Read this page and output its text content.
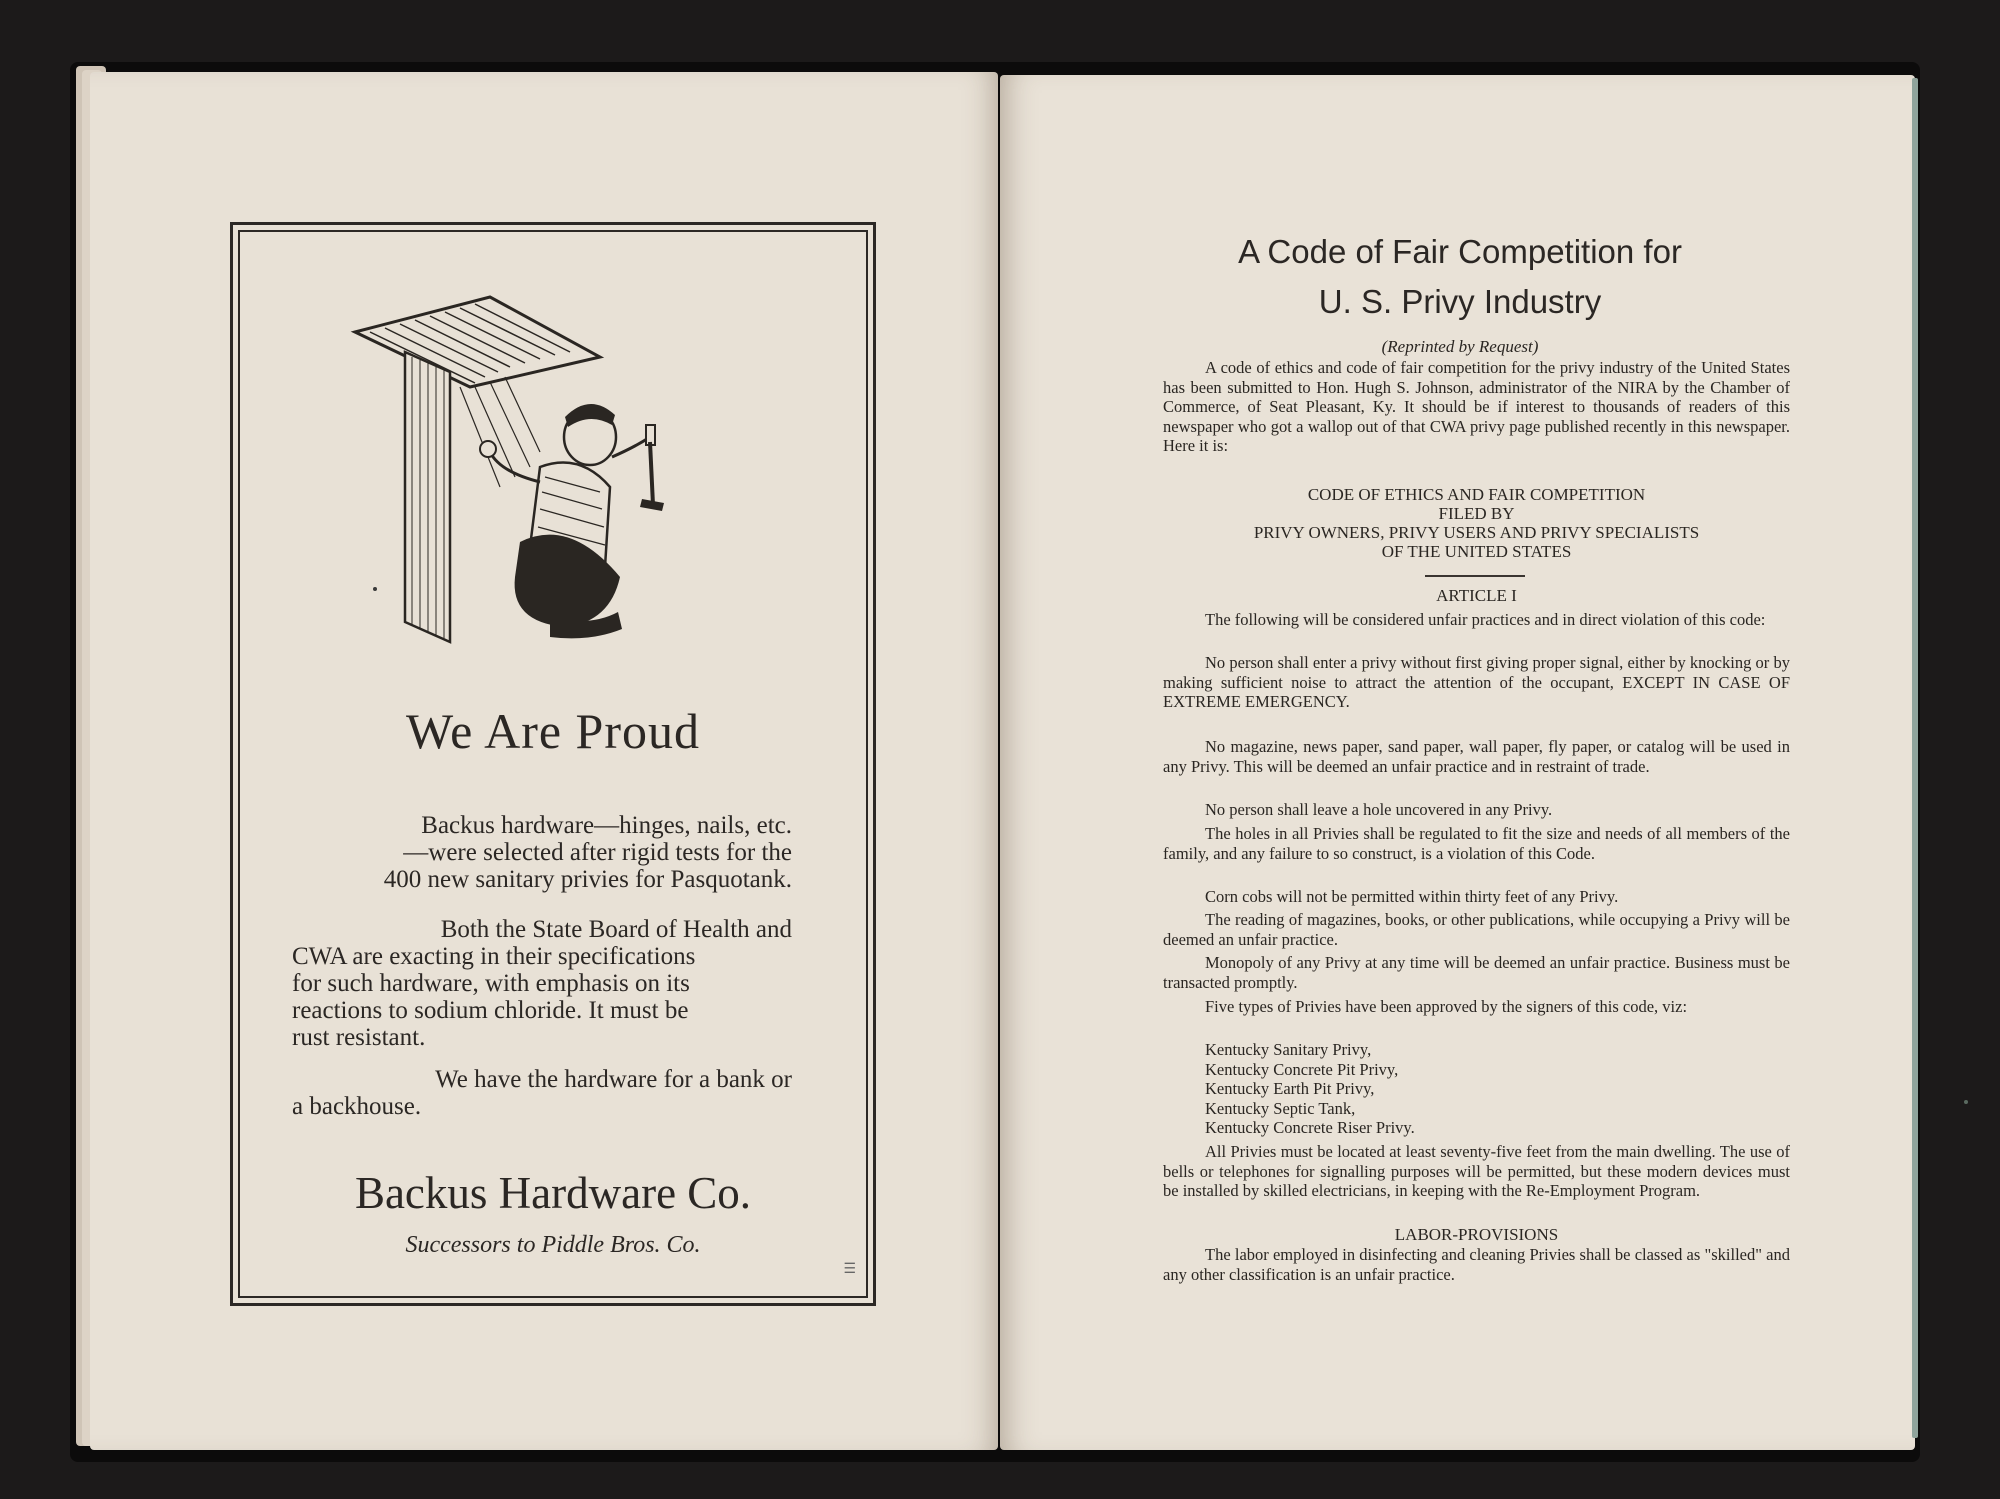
We Are Proud
Backus hardware—hinges, nails, etc.
—were selected after rigid tests for the
400 new sanitary privies for Pasquotank.
Both the State Board of Health and
CWA are exacting in their specifications
for such hardware, with emphasis on its
reactions to sodium chloride. It must be
rust resistant.
We have the hardware for a bank or
a backhouse.
Backus Hardware Co.
Successors to Piddle Bros. Co.
☰
A Code of Fair Competition for
U. S. Privy Industry
(Reprinted by Request)
A code of ethics and code of fair competition for the privy industry of the United States has been submitted to Hon. Hugh S. Johnson, administrator of the NIRA by the Chamber of Commerce, of Seat Pleasant, Ky. It should be if interest to thousands of readers of this newspaper who got a wallop out of that CWA privy page published recently in this newspaper. Here it is:
CODE OF ETHICS AND FAIR COMPETITION
FILED BY
PRIVY OWNERS, PRIVY USERS AND PRIVY SPECIALISTS
OF THE UNITED STATES
ARTICLE I
The following will be considered unfair practices and in direct violation of this code:
No person shall enter a privy without first giving proper signal, either by knocking or by making sufficient noise to attract the attention of the occupant, EXCEPT IN CASE OF EXTREME EMERGENCY.
No magazine, news paper, sand paper, wall paper, fly paper, or catalog will be used in any Privy. This will be deemed an unfair practice and in restraint of trade.
No person shall leave a hole uncovered in any Privy.
The holes in all Privies shall be regulated to fit the size and needs of all members of the family, and any failure to so construct, is a violation of this Code.
Corn cobs will not be permitted within thirty feet of any Privy.
The reading of magazines, books, or other publications, while occupying a Privy will be deemed an unfair practice.
Monopoly of any Privy at any time will be deemed an unfair practice. Business must be transacted promptly.
Five types of Privies have been approved by the signers of this code, viz:
Kentucky Sanitary Privy,
Kentucky Concrete Pit Privy,
Kentucky Earth Pit Privy,
Kentucky Septic Tank,
Kentucky Concrete Riser Privy.
All Privies must be located at least seventy-five feet from the main dwelling. The use of bells or telephones for signalling purposes will be permitted, but these modern devices must be installed by skilled electricians, in keeping with the Re-Employment Program.
LABOR-PROVISIONS
The labor employed in disinfecting and cleaning Privies shall be classed as "skilled" and any other classification is an unfair practice.
